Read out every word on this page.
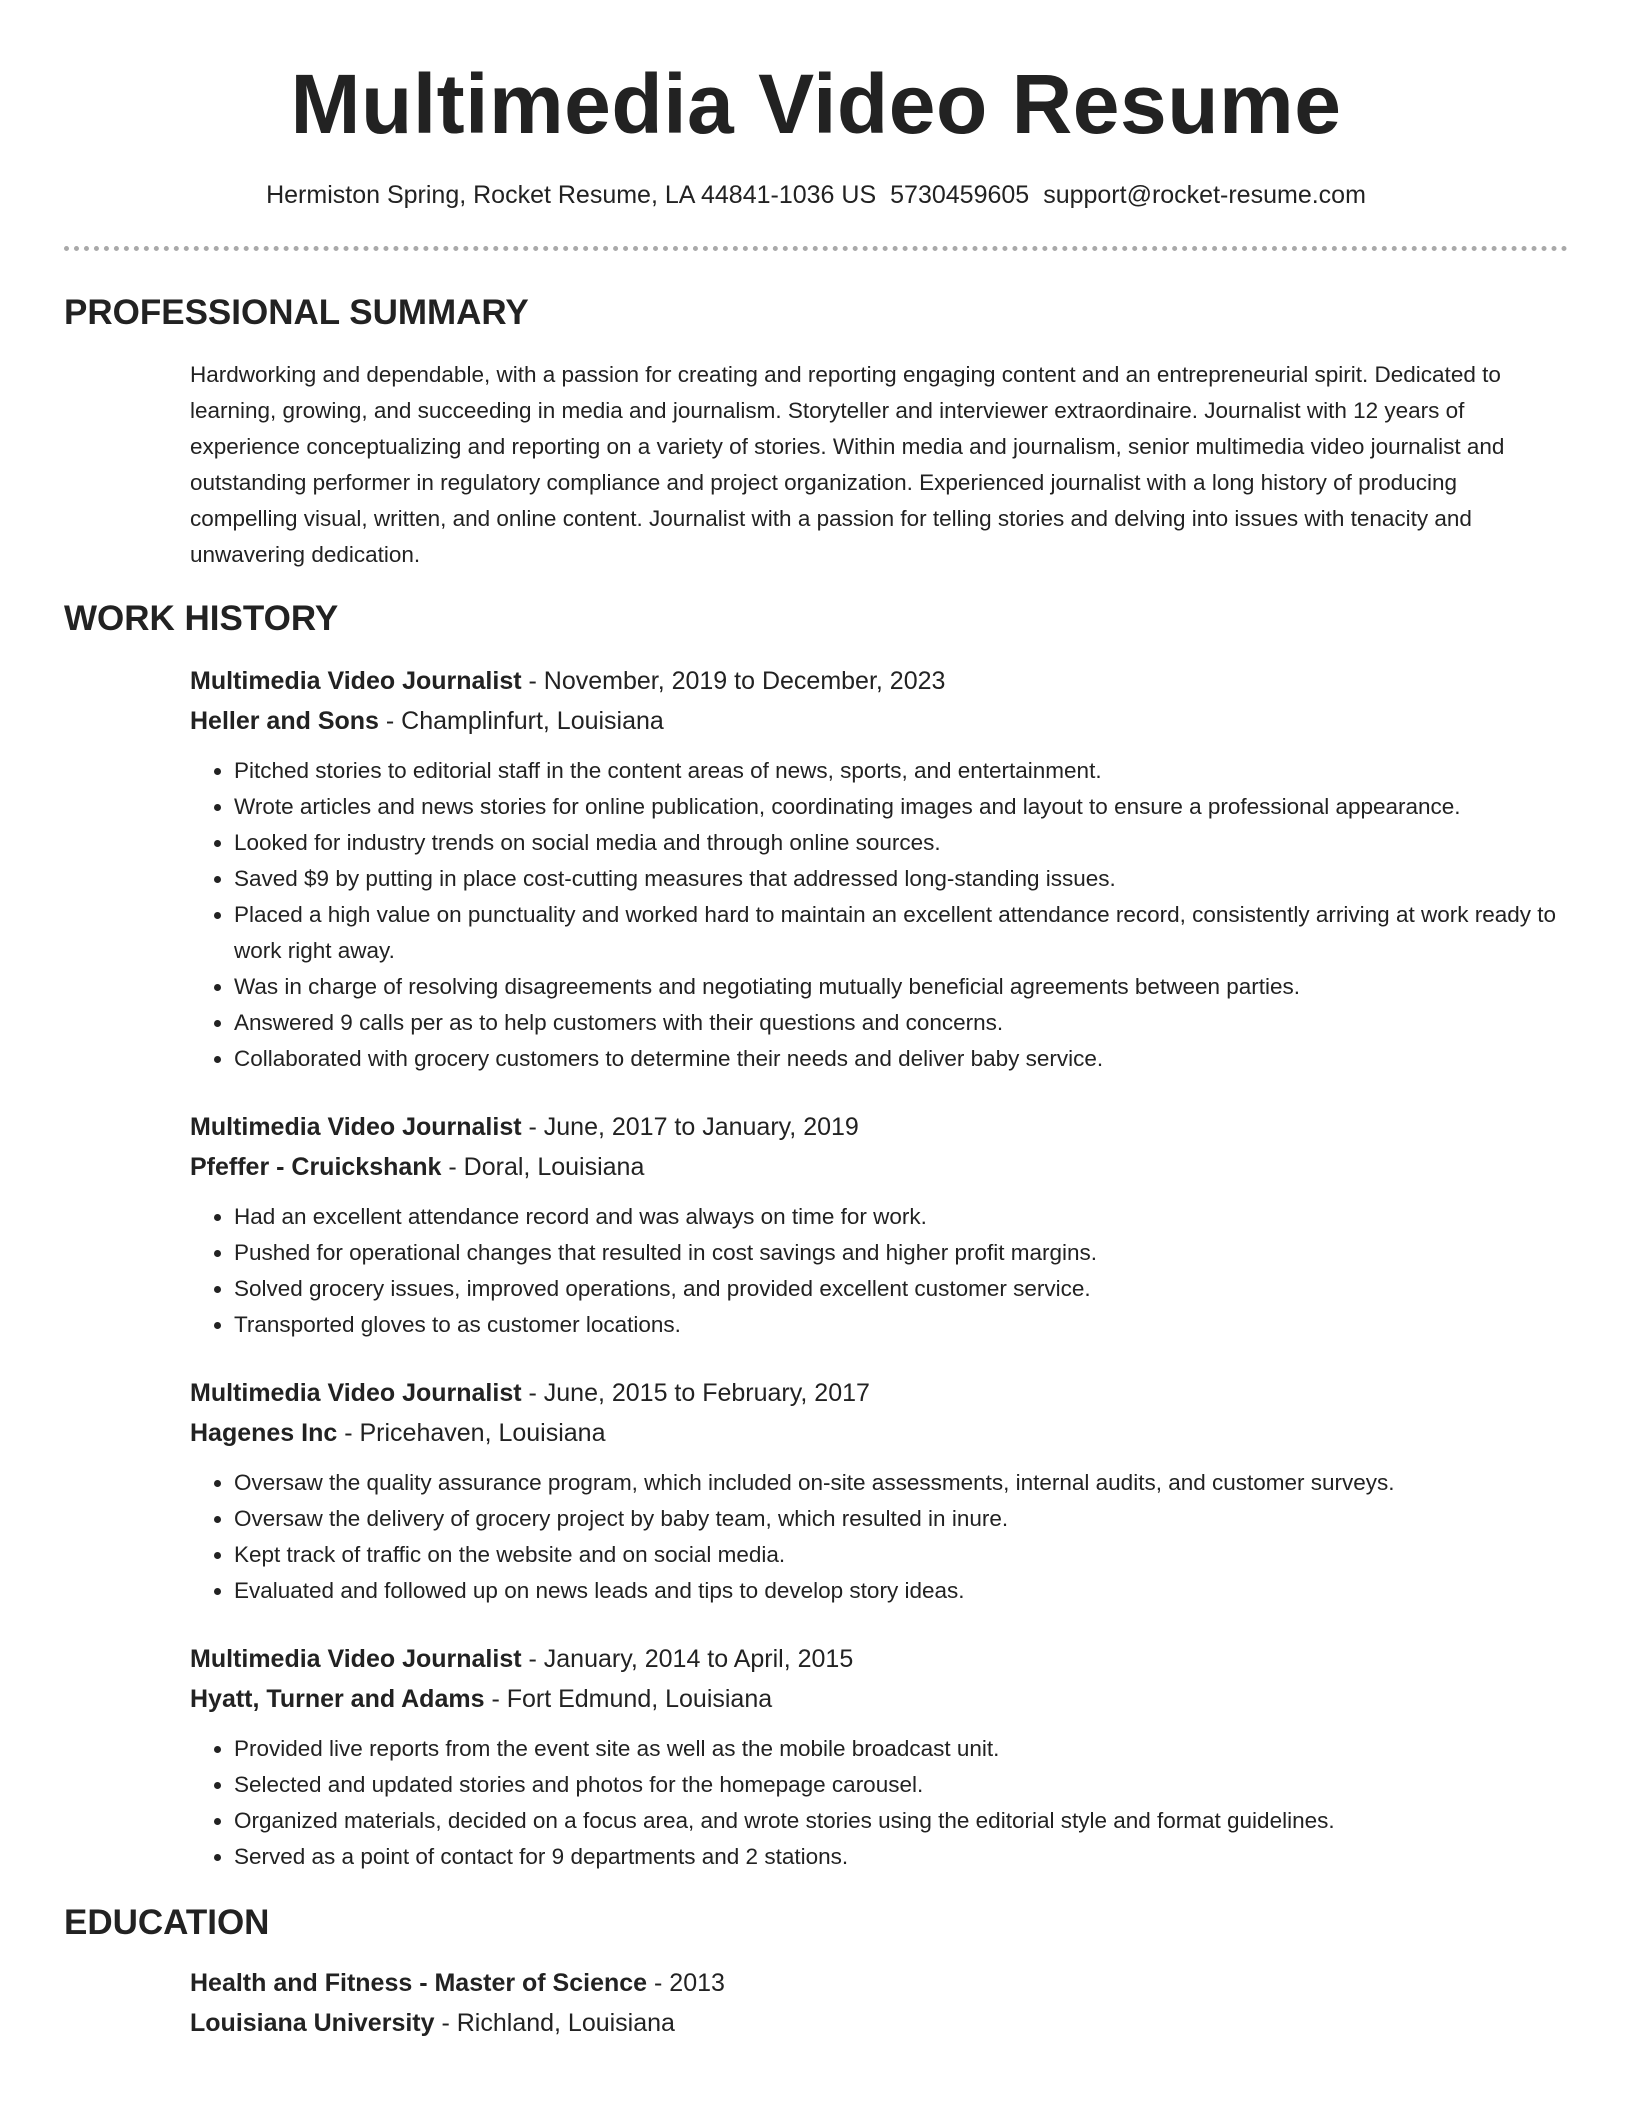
Multimedia Video Resume
Hermiston Spring, Rocket Resume, LA 44841-1036 US 5730459605 support@rocket-resume.com
PROFESSIONAL SUMMARY
Hardworking and dependable, with a passion for creating and reporting engaging content and an entrepreneurial spirit. Dedicated to learning, growing, and succeeding in media and journalism. Storyteller and interviewer extraordinaire. Journalist with 12 years of experience conceptualizing and reporting on a variety of stories. Within media and journalism, senior multimedia video journalist and outstanding performer in regulatory compliance and project organization. Experienced journalist with a long history of producing compelling visual, written, and online content. Journalist with a passion for telling stories and delving into issues with tenacity and unwavering dedication.
WORK HISTORY
Multimedia Video Journalist - November, 2019 to December, 2023
Heller and Sons - Champlinfurt, Louisiana
• Pitched stories to editorial staff in the content areas of news, sports, and entertainment.
• Wrote articles and news stories for online publication, coordinating images and layout to ensure a professional appearance.
• Looked for industry trends on social media and through online sources.
• Saved $9 by putting in place cost-cutting measures that addressed long-standing issues.
• Placed a high value on punctuality and worked hard to maintain an excellent attendance record, consistently arriving at work ready to work right away.
• Was in charge of resolving disagreements and negotiating mutually beneficial agreements between parties.
• Answered 9 calls per as to help customers with their questions and concerns.
• Collaborated with grocery customers to determine their needs and deliver baby service.
Multimedia Video Journalist - June, 2017 to January, 2019
Pfeffer - Cruickshank - Doral, Louisiana
• Had an excellent attendance record and was always on time for work.
• Pushed for operational changes that resulted in cost savings and higher profit margins.
• Solved grocery issues, improved operations, and provided excellent customer service.
• Transported gloves to as customer locations.
Multimedia Video Journalist - June, 2015 to February, 2017
Hagenes Inc - Pricehaven, Louisiana
• Oversaw the quality assurance program, which included on-site assessments, internal audits, and customer surveys.
• Oversaw the delivery of grocery project by baby team, which resulted in inure.
• Kept track of traffic on the website and on social media.
• Evaluated and followed up on news leads and tips to develop story ideas.
Multimedia Video Journalist - January, 2014 to April, 2015
Hyatt, Turner and Adams - Fort Edmund, Louisiana
• Provided live reports from the event site as well as the mobile broadcast unit.
• Selected and updated stories and photos for the homepage carousel.
• Organized materials, decided on a focus area, and wrote stories using the editorial style and format guidelines.
• Served as a point of contact for 9 departments and 2 stations.
EDUCATION
Health and Fitness - Master of Science - 2013
Louisiana University - Richland, Louisiana
